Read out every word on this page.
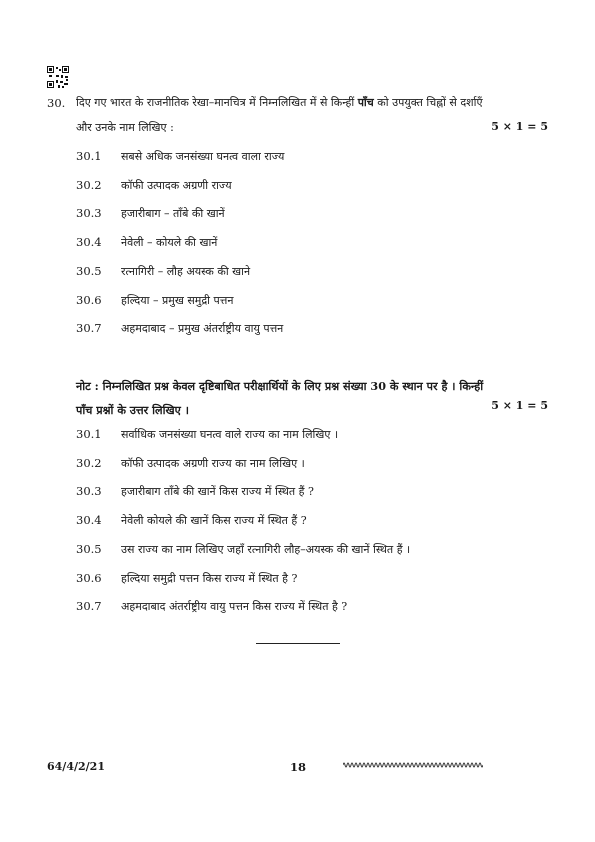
30. दिए गए भारत के राजनीतिक रेखा–मानचित्र में निम्नलिखित में से किन्हीं पाँच को उपयुक्त चिह्नों से दर्शाएँ
और उनके नाम लिखिए :	5 × 1 = 5
30.1	सबसे अधिक जनसंख्या घनत्व वाला राज्य
30.2	कॉफी उत्पादक अग्रणी राज्य
30.3	हजारीबाग – ताँबे की खानें
30.4	नेवेली – कोयले की खानें
30.5	रत्नागिरी – लौह अयस्क की खाने
30.6	हल्दिया – प्रमुख समुद्री पत्तन
30.7	अहमदाबाद – प्रमुख अंतर्राष्ट्रीय वायु पत्तन
नोट : निम्नलिखित प्रश्न केवल दृष्टिबाधित परीक्षार्थियों के लिए प्रश्न संख्या 30 के स्थान पर है । किन्हीं
पाँच प्रश्नों के उत्तर लिखिए ।	5 × 1 = 5
30.1	सर्वाधिक जनसंख्या घनत्व वाले राज्य का नाम लिखिए ।
30.2	कॉफी उत्पादक अग्रणी राज्य का नाम लिखिए ।
30.3	हजारीबाग ताँबे की खानें किस राज्य में स्थित हैं ?
30.4	नेवेली कोयले की खानें किस राज्य में स्थित हैं ?
30.5	उस राज्य का नाम लिखिए जहाँ रत्नागिरी लौह–अयस्क की खानें स्थित हैं ।
30.6	हल्दिया समुद्री पत्तन किस राज्य में स्थित है ?
30.7	अहमदाबाद अंतर्राष्ट्रीय वायु पत्तन किस राज्य में स्थित है ?
64/4/2/21	18
